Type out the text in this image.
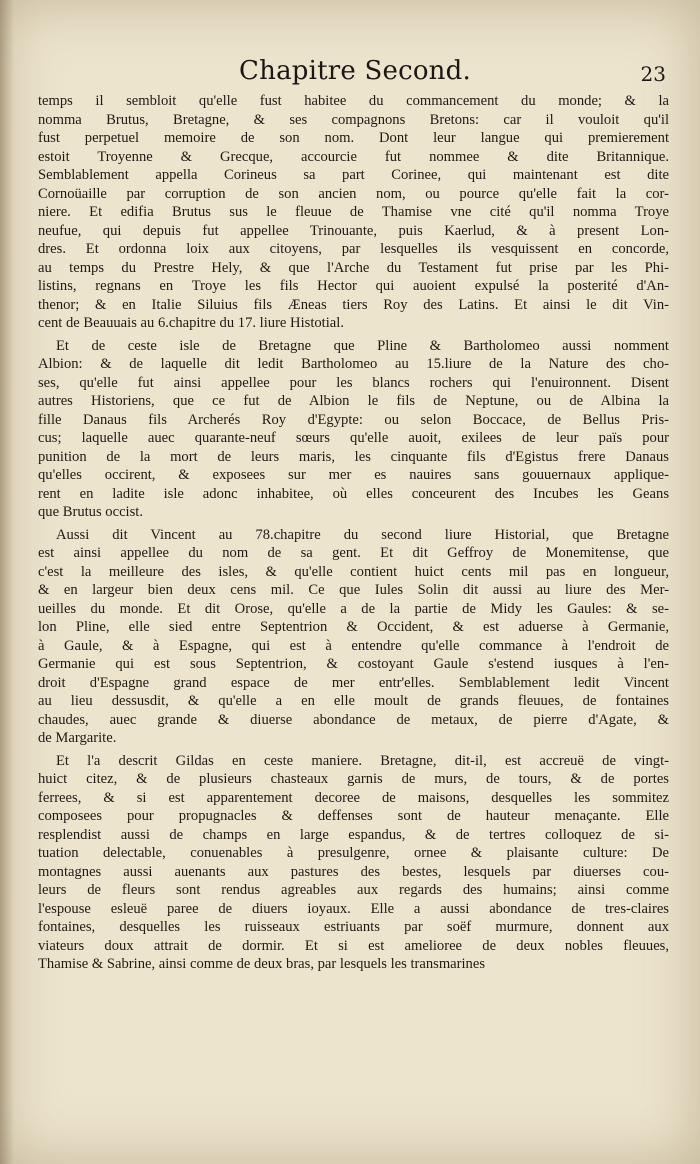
Chapitre Second.	23
temps il sembloit qu'elle fust habitee du commancement du monde; & la
nomma Brutus, Bretagne, & ses compagnons Bretons: car il vouloit qu'il
fust perpetuel memoire de son nom. Dont leur langue qui premierement
estoit Troyenne & Grecque, accourcie fut nommee & dite Britannique.
Semblablement appella Corineus sa part Corinee, qui maintenant est dite
Cornoüaille par corruption de son ancien nom, ou pource qu'elle fait la cor-
niere. Et edifia Brutus sus le fleuue de Thamise vne cité qu'il nomma Troye
neufue, qui depuis fut appellee Trinouante, puis Kaerlud, & à present Lon-
dres. Et ordonna loix aux citoyens, par lesquelles ils vesquissent en concorde,
au temps du Prestre Hely, & que l'Arche du Testament fut prise par les Phi-
listins, regnans en Troye les fils Hector qui auoient expulsé la posterité d'An-
thenor; & en Italie Siluius fils Æneas tiers Roy des Latins. Et ainsi le dit Vin-
cent de Beauuais au 6.chapitre du 17. liure Histotial.
Et de ceste isle de Bretagne que Pline & Bartholomeo aussi nomment
Albion: & de laquelle dit ledit Bartholomeo au 15.liure de la Nature des cho-
ses, qu'elle fut ainsi appellee pour les blancs rochers qui l'enuironnent. Disent
autres Historiens, que ce fut de Albion le fils de Neptune, ou de Albina la
fille Danaus fils Archerés Roy d'Egypte: ou selon Boccace, de Bellus Pris-
cus; laquelle auec quarante-neuf sœurs qu'elle auoit, exilees de leur païs pour
punition de la mort de leurs maris, les cinquante fils d'Egistus frere Danaus
qu'elles occirent, & exposees sur mer es nauires sans gouuernaux applique-
rent en ladite isle adonc inhabitee, où elles conceurent des Incubes les Geans
que Brutus occist.
Aussi dit Vincent au 78.chapitre du second liure Historial, que Bretagne
est ainsi appellee du nom de sa gent. Et dit Geffroy de Monemitense, que
c'est la meilleure des isles, & qu'elle contient huict cents mil pas en longueur,
& en largeur bien deux cens mil. Ce que Iules Solin dit aussi au liure des Mer-
ueilles du monde. Et dit Orose, qu'elle a de la partie de Midy les Gaules: & se-
lon Pline, elle sied entre Septentrion & Occident, & est aduerse à Germanie,
à Gaule, & à Espagne, qui est à entendre qu'elle commance à l'endroit de
Germanie qui est sous Septentrion, & costoyant Gaule s'estend iusques à l'en-
droit d'Espagne grand espace de mer entr'elles. Semblablement ledit Vincent
au lieu dessusdit, & qu'elle a en elle moult de grands fleuues, de fontaines
chaudes, auec grande & diuerse abondance de metaux, de pierre d'Agate, &
de Margarite.
Et l'a descrit Gildas en ceste maniere. Bretagne, dit-il, est accreuë de vingt-
huict citez, & de plusieurs chasteaux garnis de murs, de tours, & de portes
ferrees, & si est apparentement decoree de maisons, desquelles les sommitez
composees pour propugnacles & deffenses sont de hauteur menaçante. Elle
resplendist aussi de champs en large espandus, & de tertres colloquez de si-
tuation delectable, conuenables à presulgenre, ornee & plaisante culture: De
montagnes aussi auenants aux pastures des bestes, lesquels par diuerses cou-
leurs de fleurs sont rendus agreables aux regards des humains; ainsi comme
l'espouse esleuë paree de diuers ioyaux. Elle a aussi abondance de tres-claires
fontaines, desquelles les ruisseaux estriuants par soëf murmure, donnent aux
viateurs doux attrait de dormir. Et si est amelioree de deux nobles fleuues,
Thamise & Sabrine, ainsi comme de deux bras, par lesquels les transmarines
